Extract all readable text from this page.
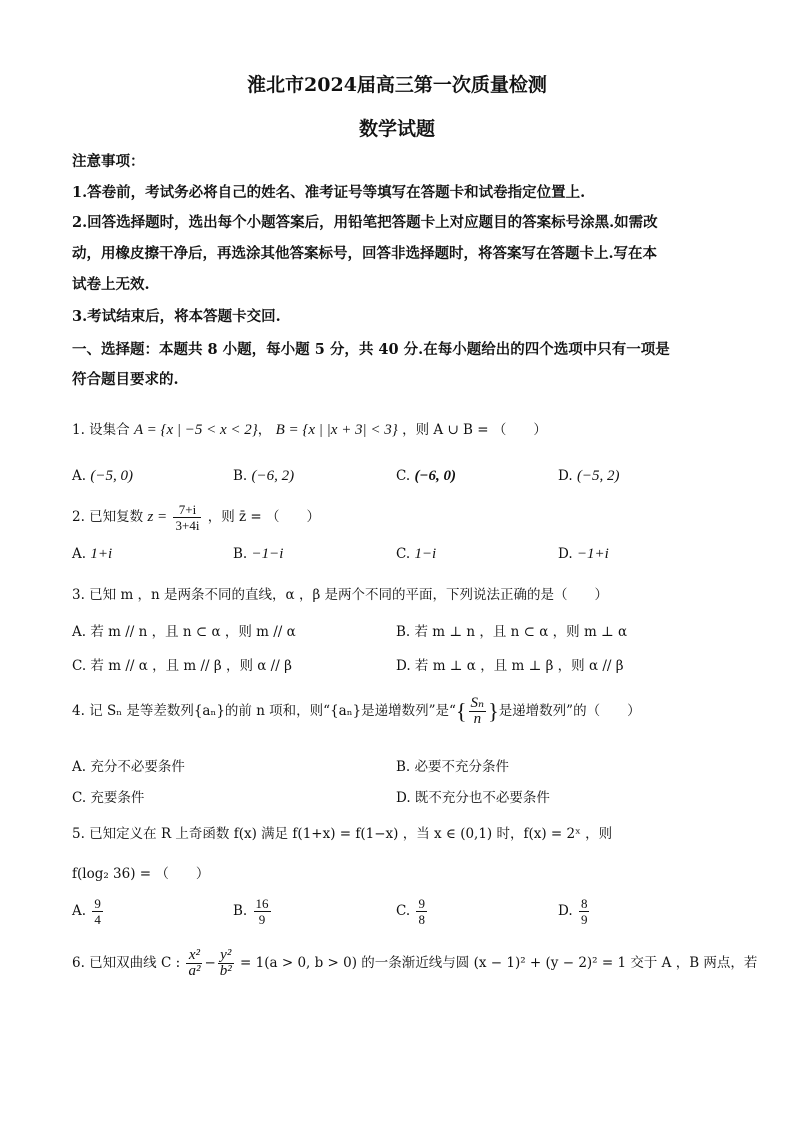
淮北市2024届高三第一次质量检测
数学试题
注意事项：
1.答卷前，考试务必将自己的姓名、准考证号等填写在答题卡和试卷指定位置上.
2.回答选择题时，选出每个小题答案后，用铅笔把答题卡上对应题目的答案标号涂黑.如需改
动，用橡皮擦干净后，再选涂其他答案标号，回答非选择题时，将答案写在答题卡上.写在本
试卷上无效.
3.考试结束后，将本答题卡交回.
一、选择题：本题共 8 小题，每小题 5 分，共 40 分.在每小题给出的四个选项中只有一项是
符合题目要求的.
1. 设集合 A = {x | −5 < x < 2}， B = {x | |x + 3| < 3} ，则 A ∪ B = （　　）
A. (−5, 0)	B. (−6, 2)	C. (−6, 0)	D. (−5, 2)
2. 已知复数 $z = \frac{7+i}{3+4i}$ ，则 z̄ = （　　）
A. 1+i	B. −1−i	C. 1−i	D. −1+i
3. 已知 m ，n 是两条不同的直线，α ，β 是两个不同的平面，下列说法正确的是（　　）
A. 若 m // n ，且 n ⊂ α ，则 m // α	B. 若 m ⊥ n ，且 n ⊂ α ，则 m ⊥ α
C. 若 m // α ，且 m // β ，则 α // β	D. 若 m ⊥ α ，且 m ⊥ β ，则 α // β
4. 记 Sₙ 是等差数列{aₙ}的前 n 项和，则“{aₙ}是递增数列”是“{ $\frac{\text{Sₙ}}{n}$ }是递增数列”的（　　）
A. 充分不必要条件	B. 必要不充分条件
C. 充要条件	D. 既不充分也不必要条件
5. 已知定义在 R 上奇函数 f(x) 满足 f(1+x) = f(1−x) ，当 x ∈ (0,1) 时，f(x) = 2ˣ ，则
f(log₂ 36) = （　　）
A. $\frac{9}{4}$	B. $\frac{16}{9}$	C. $\frac{9}{8}$	D. $\frac{8}{9}$
6. 已知双曲线 C : $\frac{\text{x²}}{\text{a²}} - \frac{\text{y²}}{\text{b²}} = 1(a > 0$, b > 0) 的一条渐近线与圆 (x − 1)² + (y − 2)² = 1 交于 A ，B 两点，若
